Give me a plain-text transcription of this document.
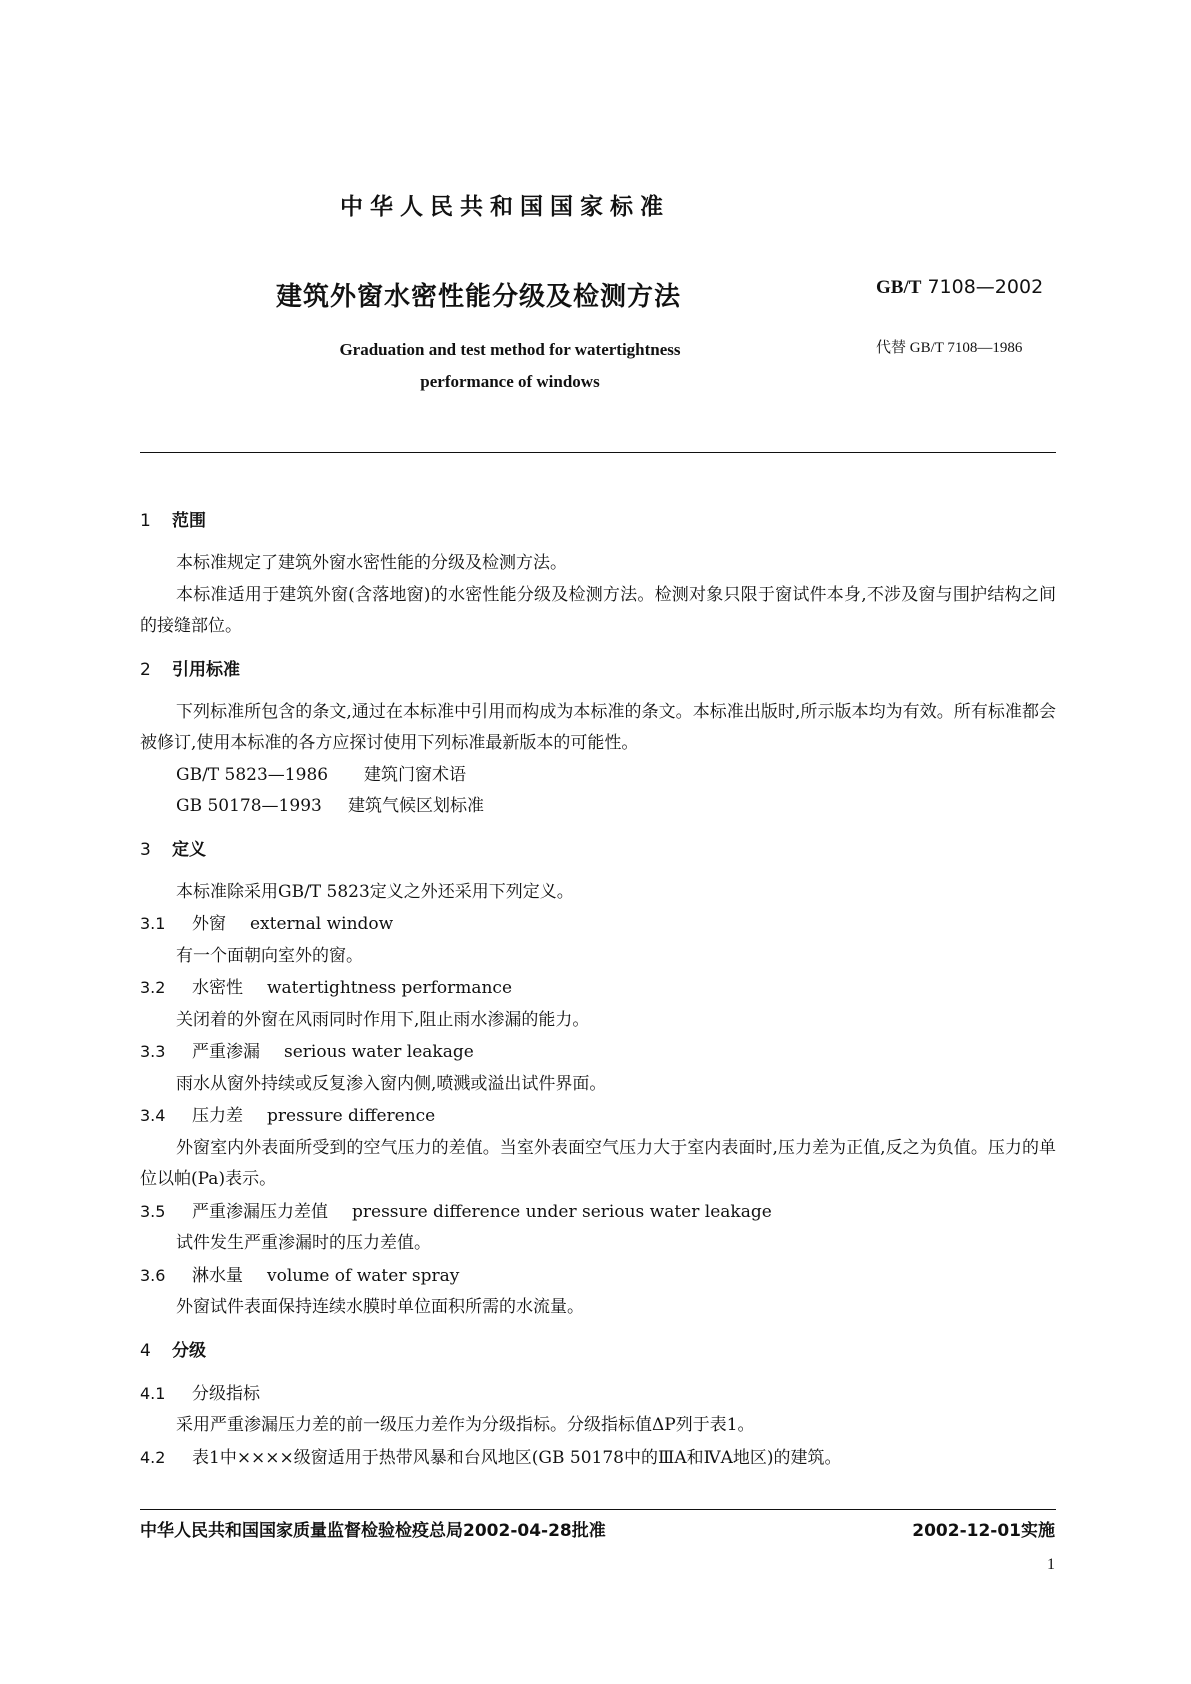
中华人民共和国国家标准
建筑外窗水密性能分级及检测方法	GB/T 7108—2002
Graduation and test method for watertightness
performance of windows
代替 GB/T 7108—1986
1 范围
本标准规定了建筑外窗水密性能的分级及检测方法。
本标准适用于建筑外窗(含落地窗)的水密性能分级及检测方法。检测对象只限于窗试件本身,不涉及窗与围护结构之间的接缝部位。
2 引用标准
下列标准所包含的条文,通过在本标准中引用而构成为本标准的条文。本标准出版时,所示版本均为有效。所有标准都会被修订,使用本标准的各方应探讨使用下列标准最新版本的可能性。
GB/T 5823—1986 建筑门窗术语
GB 50178—1993 建筑气候区划标准
3 定义
本标准除采用GB/T 5823定义之外还采用下列定义。
3.1 外窗 external window
有一个面朝向室外的窗。
3.2 水密性 watertightness performance
关闭着的外窗在风雨同时作用下,阻止雨水渗漏的能力。
3.3 严重渗漏 serious water leakage
雨水从窗外持续或反复渗入窗内侧,喷溅或溢出试件界面。
3.4 压力差 pressure difference
外窗室内外表面所受到的空气压力的差值。当室外表面空气压力大于室内表面时,压力差为正值,反之为负值。压力的单位以帕(Pa)表示。
3.5 严重渗漏压力差值 pressure difference under serious water leakage
试件发生严重渗漏时的压力差值。
3.6 淋水量 volume of water spray
外窗试件表面保持连续水膜时单位面积所需的水流量。
4 分级
4.1 分级指标
采用严重渗漏压力差的前一级压力差作为分级指标。分级指标值ΔP列于表1。
4.2 表1中××××级窗适用于热带风暴和台风地区(GB 50178中的ⅢA和ⅣA地区)的建筑。
中华人民共和国国家质量监督检验检疫总局2002-04-28批准	2002-12-01实施
1
